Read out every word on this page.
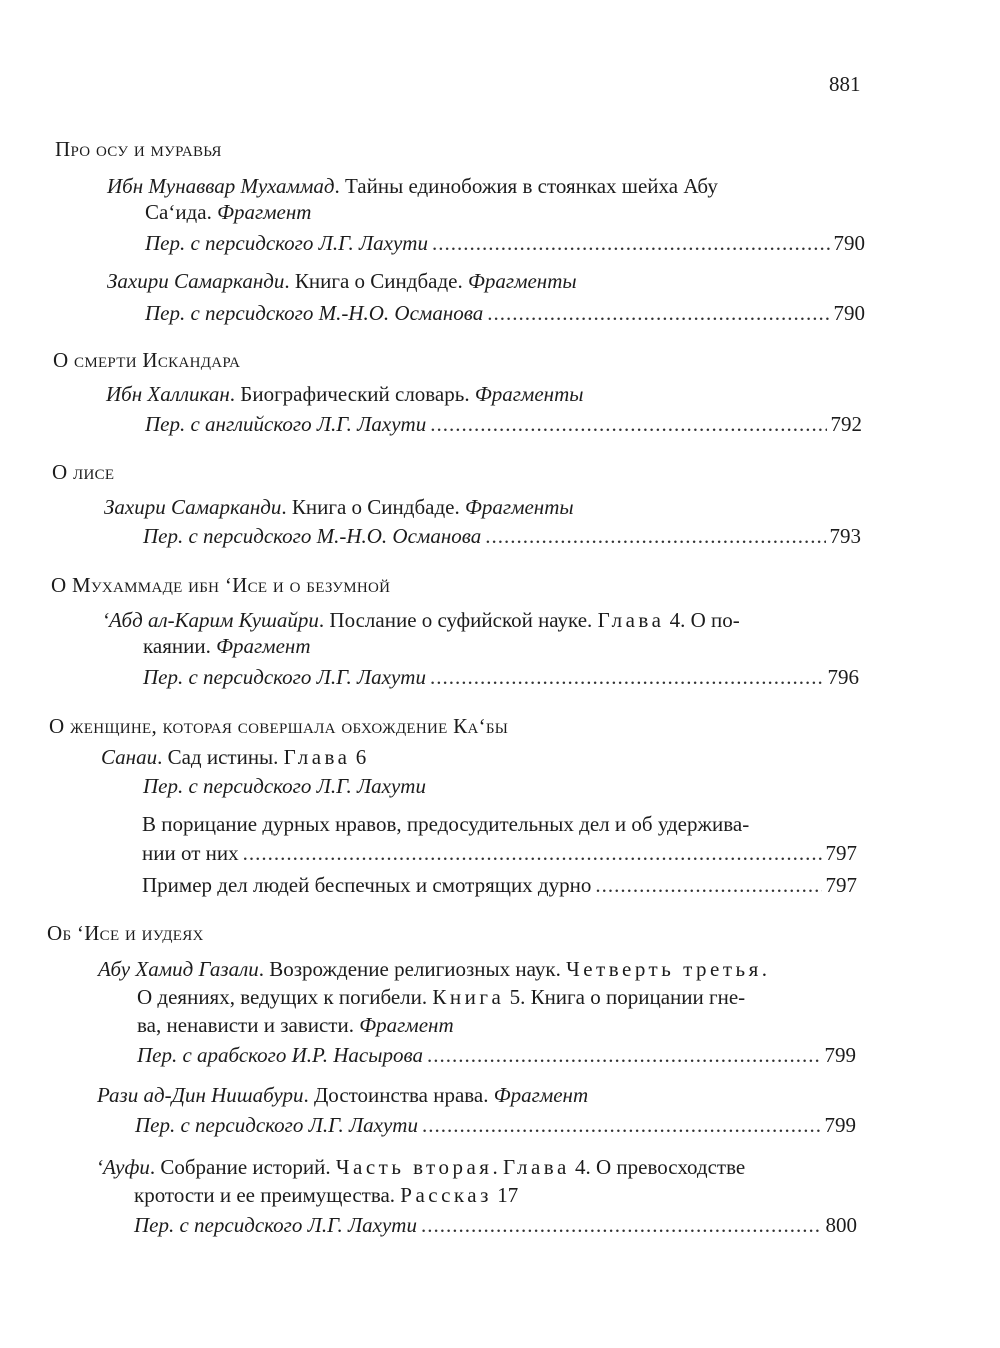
881
Про осу и муравья
Ибн Мунаввар Мухаммад. Тайны единобожия в стоянках шейха Абу
Са‘ида. Фрагмент
Пер. с персидского Л.Г. Лахути .....	790
Захири Самарканди. Книга о Синдбаде. Фрагменты
Пер. с персидского М.-Н.О. Османова .....	790
О смерти Искандара
Ибн Халликан. Биографический словарь. Фрагменты
Пер. с английского Л.Г. Лахути .....	792
О лисе
Захири Самарканди. Книга о Синдбаде. Фрагменты
Пер. с персидского М.-Н.О. Османова .....	793
О Мухаммаде ибн ‘Исе и о безумной
‘Абд ал-Карим Кушайри. Послание о суфийской науке. Глава 4. О по-
каянии. Фрагмент
Пер. с персидского Л.Г. Лахути .....	796
О женщине, которая совершала обхождение Ка‘бы
Санаи. Сад истины. Глава 6
Пер. с персидского Л.Г. Лахути
В порицание дурных нравов, предосудительных дел и об удержива-
нии от них .....	797
Пример дел людей беспечных и смотрящих дурно .....	797
Об ‘Исе и иудеях
Абу Хамид Газали. Возрождение религиозных наук. Четверть третья.
О деяниях, ведущих к погибели. Книга 5. Книга о порицании гне-
ва, ненависти и зависти. Фрагмент
Пер. с арабского И.Р. Насырова .....	799
Рази ад-Дин Нишабури. Достоинства нрава. Фрагмент
Пер. с персидского Л.Г. Лахути .....	799
‘Ауфи. Собрание историй. Часть вторая. Глава 4. О превосходстве
кротости и ее преимущества. Рассказ 17
Пер. с персидского Л.Г. Лахути .....	800
